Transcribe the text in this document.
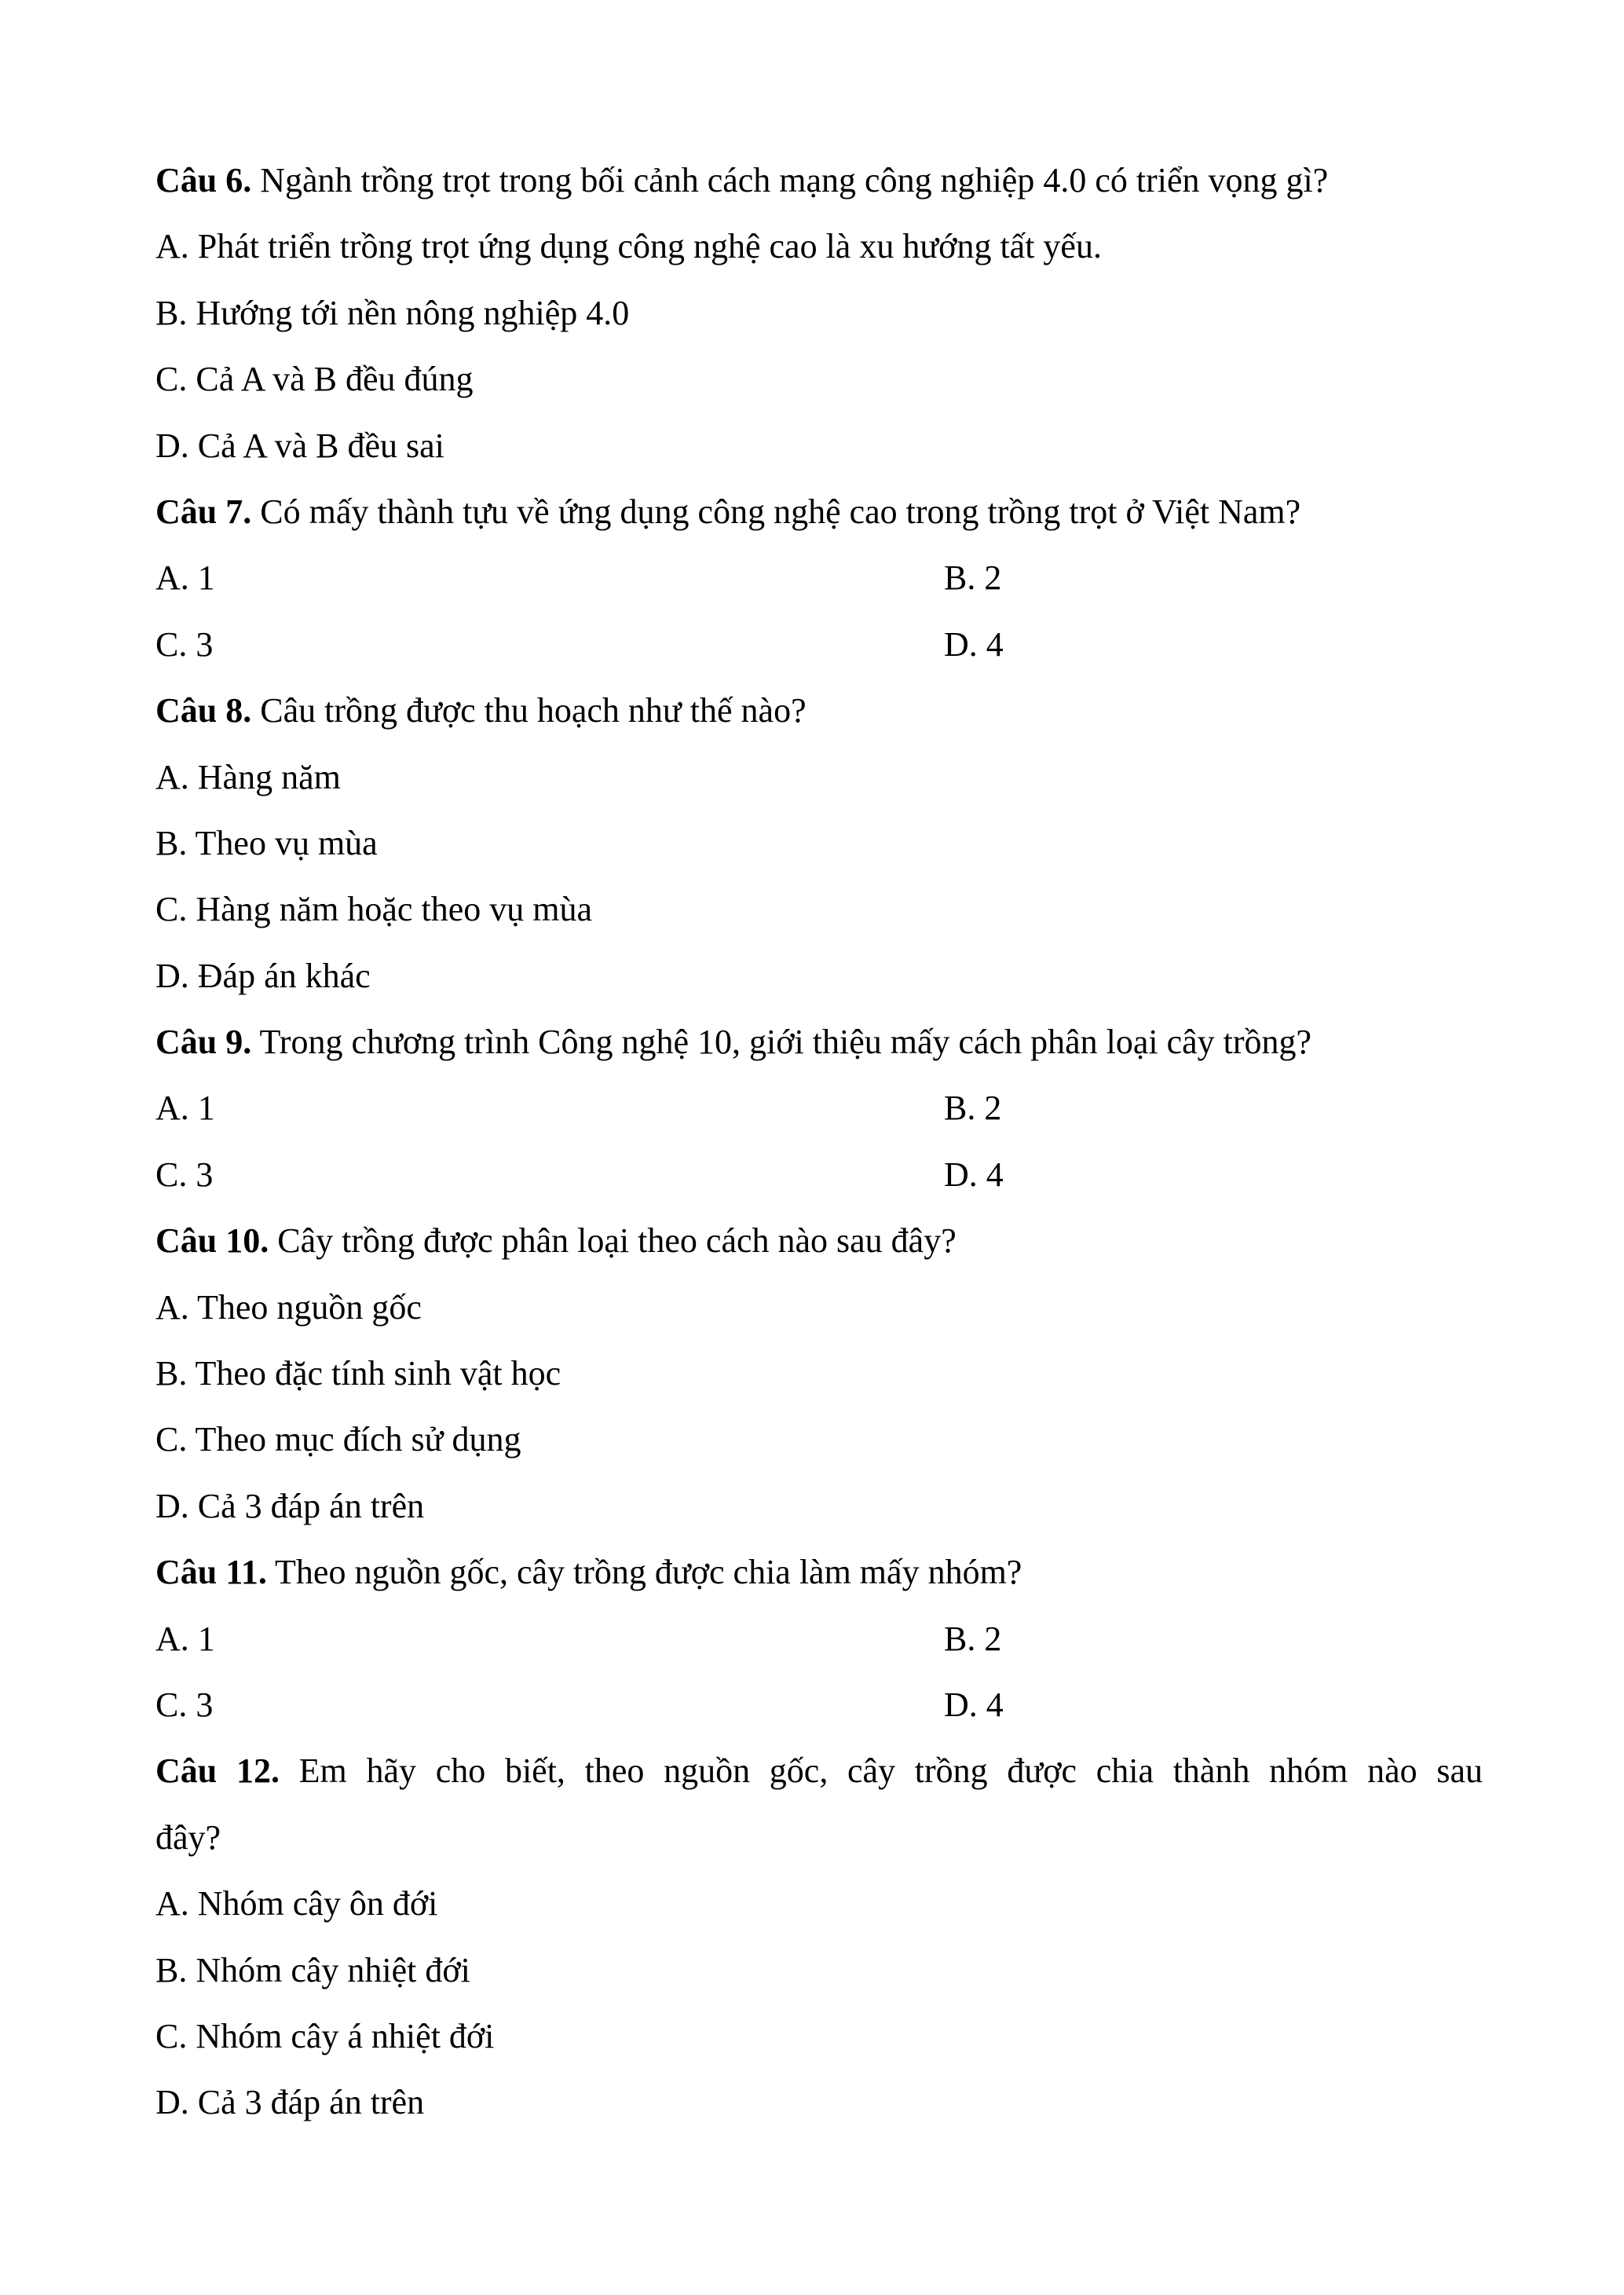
Câu 6. Ngành trồng trọt trong bối cảnh cách mạng công nghiệp 4.0 có triển vọng gì?
A. Phát triển trồng trọt ứng dụng công nghệ cao là xu hướng tất yếu.
B. Hướng tới nền nông nghiệp 4.0
C. Cả A và B đều đúng
D. Cả A và B đều sai
Câu 7. Có mấy thành tựu về ứng dụng công nghệ cao trong trồng trọt ở Việt Nam?
A. 1	B. 2
C. 3	D. 4
Câu 8. Câu trồng được thu hoạch như thế nào?
A. Hàng năm
B. Theo vụ mùa
C. Hàng năm hoặc theo vụ mùa
D. Đáp án khác
Câu 9. Trong chương trình Công nghệ 10, giới thiệu mấy cách phân loại cây trồng?
A. 1	B. 2
C. 3	D. 4
Câu 10. Cây trồng được phân loại theo cách nào sau đây?
A. Theo nguồn gốc
B. Theo đặc tính sinh vật học
C. Theo mục đích sử dụng
D. Cả 3 đáp án trên
Câu 11. Theo nguồn gốc, cây trồng được chia làm mấy nhóm?
A. 1	B. 2
C. 3	D. 4
Câu 12. Em hãy cho biết, theo nguồn gốc, cây trồng được chia thành nhóm nào sau
đây?
A. Nhóm cây ôn đới
B. Nhóm cây nhiệt đới
C. Nhóm cây á nhiệt đới
D. Cả 3 đáp án trên
